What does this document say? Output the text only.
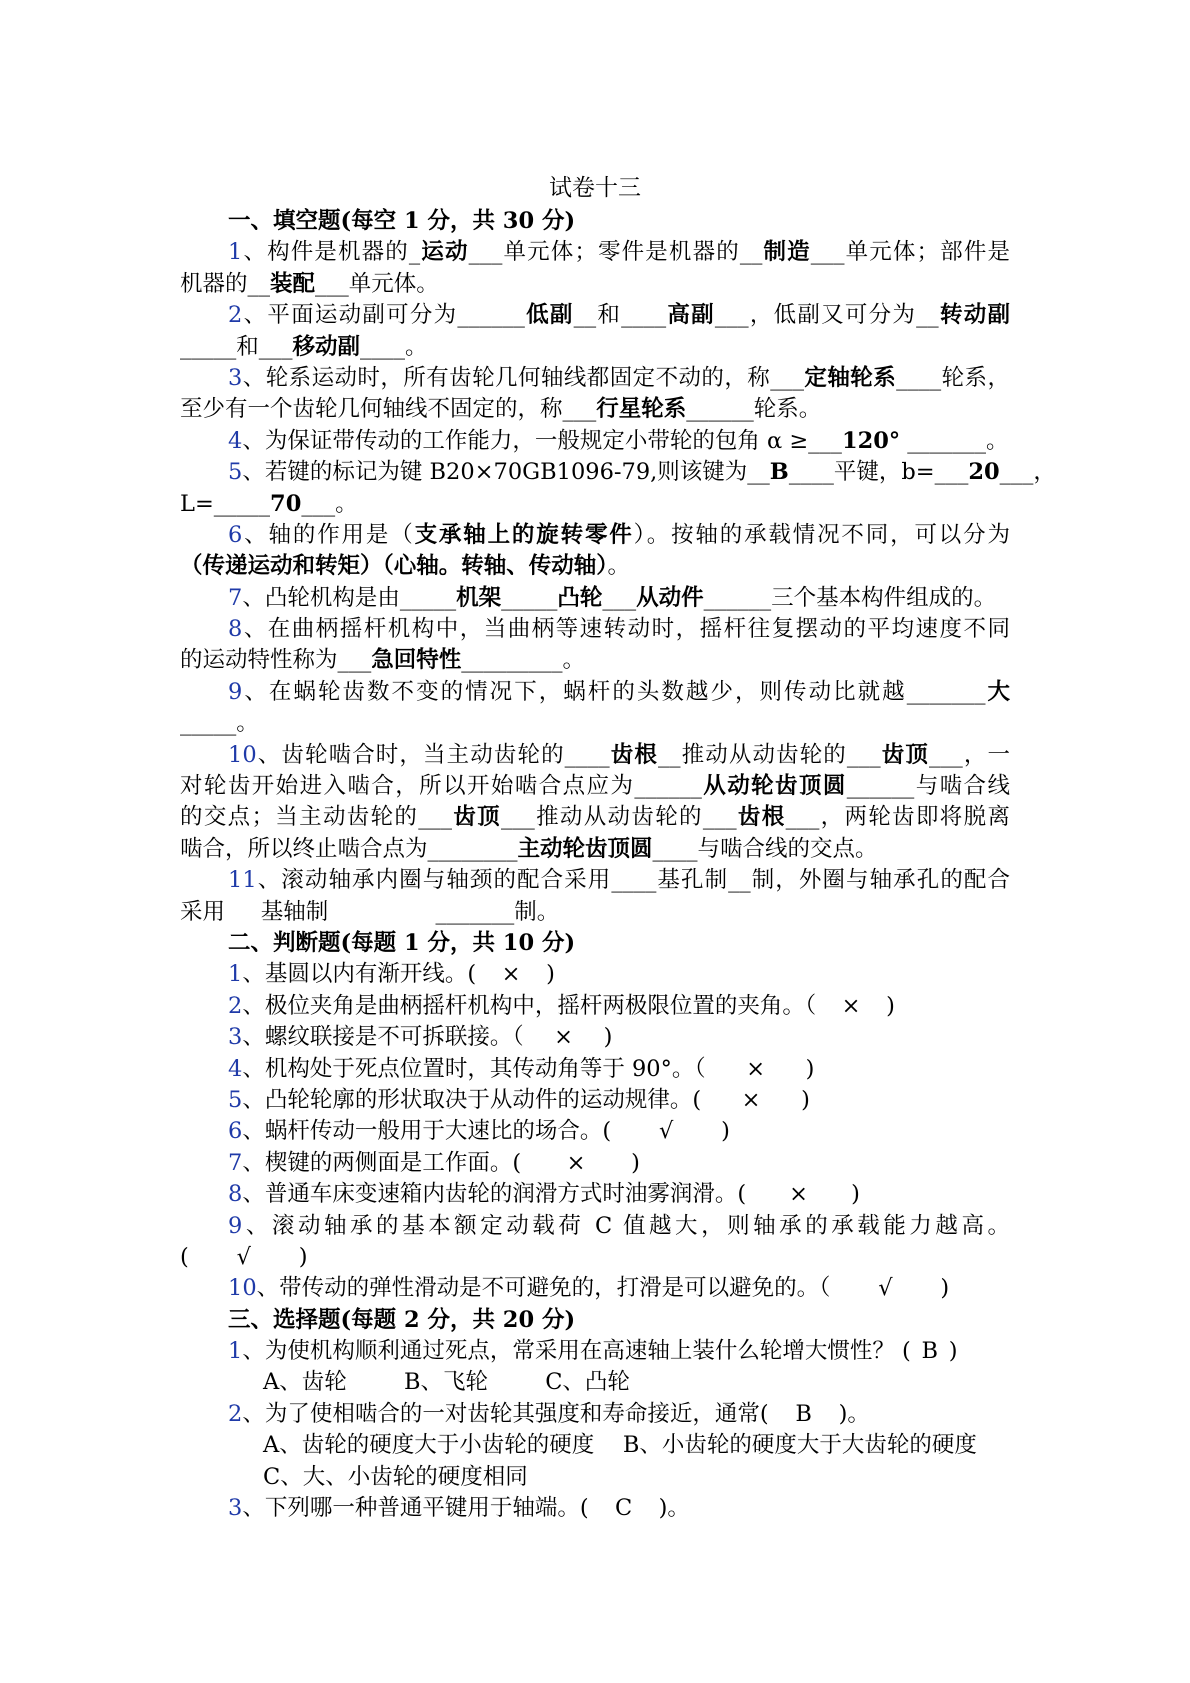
试卷十三
一、填空题(每空 1 分，共 30 分)
1、构件是机器的_运动___单元体；零件是机器的__制造___单元体；部件是
机器的__装配___单元体。
2、平面运动副可分为______低副__和____高副___，低副又可分为__转动副
_____和___移动副____。
3、轮系运动时，所有齿轮几何轴线都固定不动的，称___定轴轮系____轮系，
至少有一个齿轮几何轴线不固定的，称___行星轮系______轮系。
4、为保证带传动的工作能力，一般规定小带轮的包角 α ≥___120° _______。
5、若键的标记为键 B20×70GB1096-79,则该键为__B____平键，b=___20___，
L=_____70___。
6、轴的作用是（支承轴上的旋转零件）。按轴的承载情况不同，可以分为
（传递运动和转矩）（心轴。转轴、传动轴）。
7、凸轮机构是由_____机架_____凸轮___从动件______三个基本构件组成的。
8、在曲柄摇杆机构中，当曲柄等速转动时，摇杆往复摆动的平均速度不同
的运动特性称为___急回特性_________。
9、在蜗轮齿数不变的情况下，蜗杆的头数越少，则传动比就越_______大
_____。
10、齿轮啮合时，当主动齿轮的____齿根__推动从动齿轮的___齿顶___，一
对轮齿开始进入啮合，所以开始啮合点应为______从动轮齿顶圆______与啮合线
的交点；当主动齿轮的___齿顶___推动从动齿轮的___齿根___，两轮齿即将脱离
啮合，所以终止啮合点为________主动轮齿顶圆____与啮合线的交点。
11、滚动轴承内圈与轴颈的配合采用____基孔制__制，外圈与轴承孔的配合
采用     基轴制               _______制。
二、判断题(每题 1 分，共 10 分)
1、基圆以内有渐开线。( × )
2、极位夹角是曲柄摇杆机构中，摇杆两极限位置的夹角。（ × )
3、螺纹联接是不可拆联接。（ × )
4、机构处于死点位置时，其传动角等于 90°。（ × )
5、凸轮轮廓的形状取决于从动件的运动规律。( × )
6、蜗杆传动一般用于大速比的场合。( √ )
7、楔键的两侧面是工作面。( × )
8、普通车床变速箱内齿轮的润滑方式时油雾润滑。( × )
9、滚动轴承的基本额定动载荷 C 值越大，则轴承的承载能力越高。
( √ )
10、带传动的弹性滑动是不可避免的，打滑是可以避免的。（ √ )
三、选择题(每题 2 分，共 20 分)
1、为使机构顺利通过死点，常采用在高速轴上装什么轮增大惯性？ ( B )
A、齿轮        B、飞轮        C、凸轮
2、为了使相啮合的一对齿轮其强度和寿命接近，通常( B )。
A、齿轮的硬度大于小齿轮的硬度    B、小齿轮的硬度大于大齿轮的硬度
C、大、小齿轮的硬度相同
3、下列哪一种普通平键用于轴端。( C )。
